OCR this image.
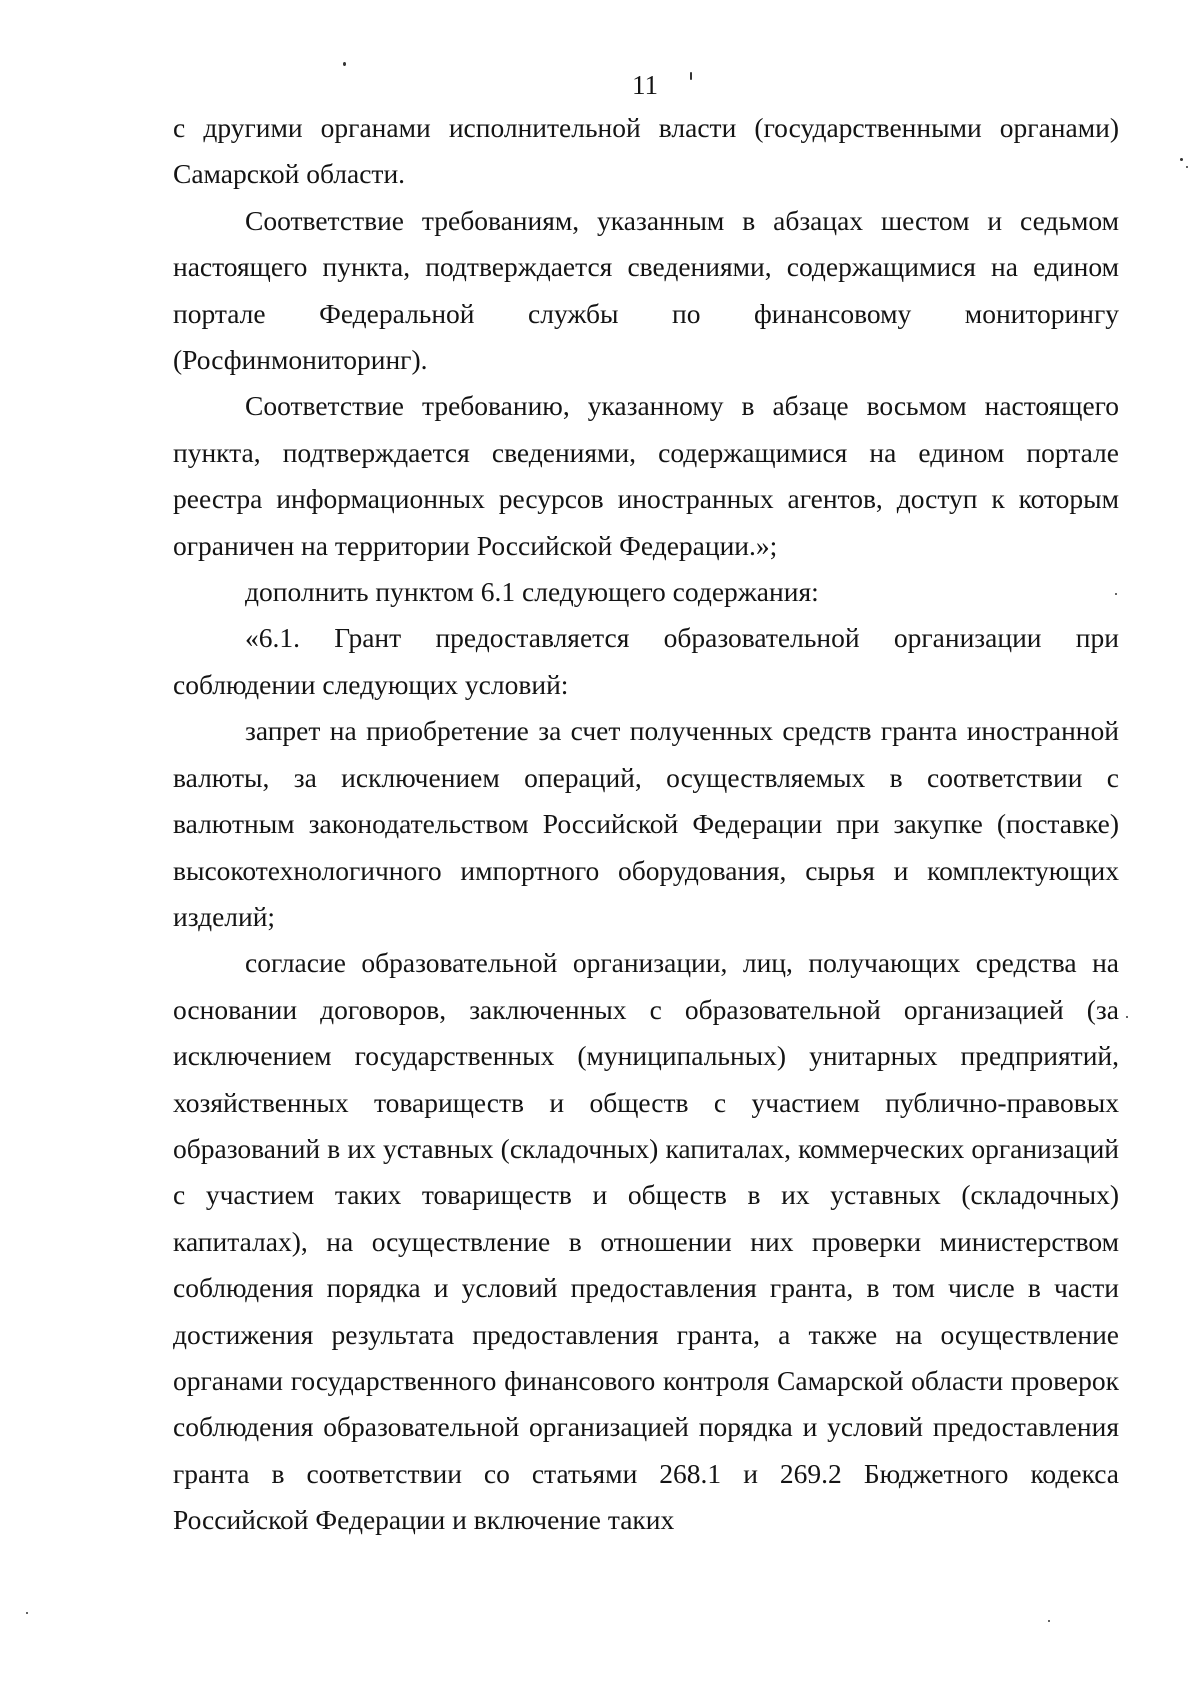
11

с другими органами исполнительной власти (государственными органами) Самарской области.

Соответствие требованиям, указанным в абзацах шестом и седьмом настоящего пункта, подтверждается сведениями, содержащимися на едином портале Федеральной службы по финансовому мониторингу (Росфинмониторинг).

Соответствие требованию, указанному в абзаце восьмом настоящего пункта, подтверждается сведениями, содержащимися на едином портале реестра информационных ресурсов иностранных агентов, доступ к которым ограничен на территории Российской Федерации.»;

дополнить пунктом 6.1 следующего содержания:

«6.1. Грант предоставляется образовательной организации при соблюдении следующих условий:

запрет на приобретение за счет полученных средств гранта иностранной валюты, за исключением операций, осуществляемых в соответствии с валютным законодательством Российской Федерации при закупке (поставке) высокотехнологичного импортного оборудования, сырья и комплектующих изделий;

согласие образовательной организации, лиц, получающих средства на основании договоров, заключенных с образовательной организацией (за исключением государственных (муниципальных) унитарных предприятий, хозяйственных товариществ и обществ с участием публично-правовых образований в их уставных (складочных) капиталах, коммерческих организаций с участием таких товариществ и обществ в их уставных (складочных) капиталах), на осуществление в отношении них проверки министерством соблюдения порядка и условий предоставления гранта, в том числе в части достижения результата предоставления гранта, а также на осуществление органами государственного финансового контроля Самарской области проверок соблюдения образовательной организацией порядка и условий предоставления гранта в соответствии со статьями 268.1 и 269.2 Бюджетного кодекса Российской Федерации и включение таких
